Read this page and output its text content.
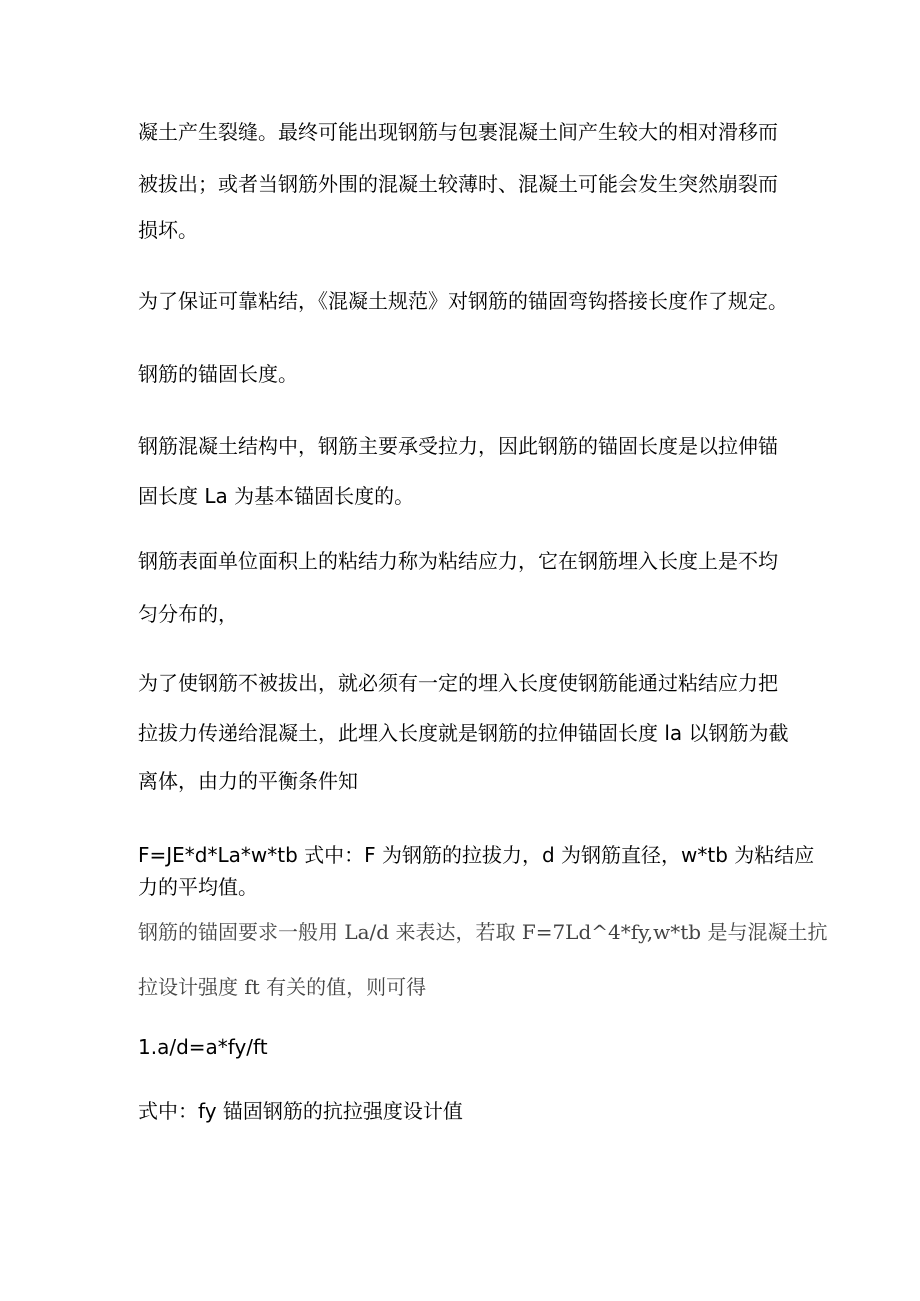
凝土产生裂缝。最终可能出现钢筋与包裹混凝土间产生较大的相对滑移而

被拔出；或者当钢筋外围的混凝土较薄时、混凝土可能会发生突然崩裂而

损坏。

为了保证可靠粘结，《混凝土规范》对钢筋的锚固弯钩搭接长度作了规定。

钢筋的锚固长度。

钢筋混凝土结构中，钢筋主要承受拉力，因此钢筋的锚固长度是以拉伸锚

固长度 La 为基本锚固长度的。

钢筋表面单位面积上的粘结力称为粘结应力，它在钢筋埋入长度上是不均

匀分布的，

为了使钢筋不被拔出，就必须有一定的埋入长度使钢筋能通过粘结应力把

拉拔力传递给混凝土，此埋入长度就是钢筋的拉伸锚固长度 la 以钢筋为截

离体，由力的平衡条件知

F=JE*d*La*w*tb 式中：F 为钢筋的拉拔力，d 为钢筋直径，w*tb 为粘结应

力的平均值。

钢筋的锚固要求一般用 La/d 来表达，若取 F=7Ld^4*fy,w*tb 是与混凝土抗

拉设计强度 ft 有关的值，则可得

1.a/d=a*fy/ft

式中：fy 锚固钢筋的抗拉强度设计值
